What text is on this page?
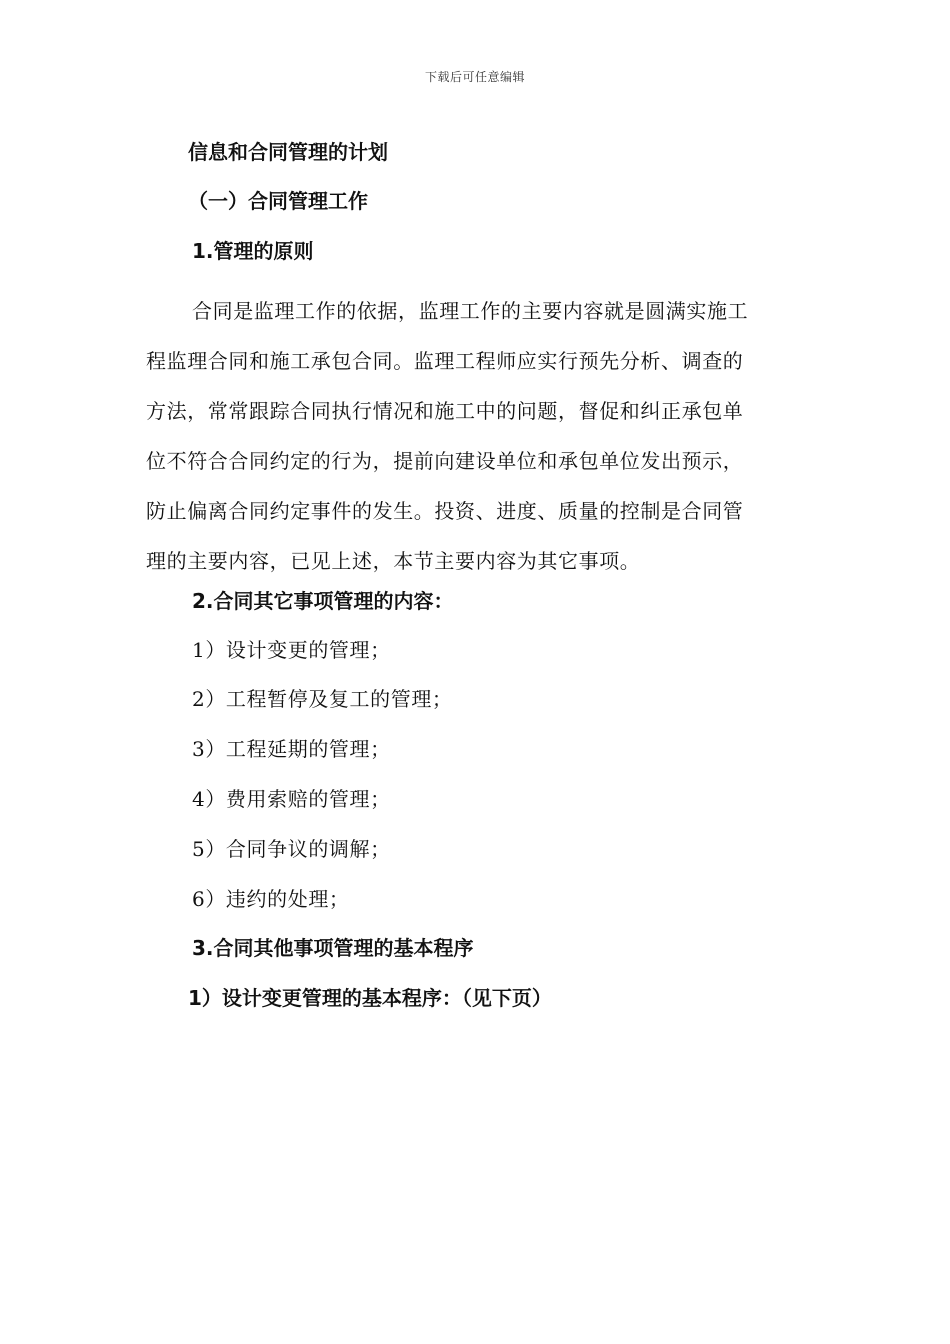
下载后可任意编辑
信息和合同管理的计划
（一）合同管理工作
1.管理的原则
合同是监理工作的依据，监理工作的主要内容就是圆满实施工
程监理合同和施工承包合同。监理工程师应实行预先分析、调查的
方法，常常跟踪合同执行情况和施工中的问题，督促和纠正承包单
位不符合合同约定的行为，提前向建设单位和承包单位发出预示，
防止偏离合同约定事件的发生。投资、进度、质量的控制是合同管
理的主要内容，已见上述，本节主要内容为其它事项。
2.合同其它事项管理的内容：
1）设计变更的管理；
2）工程暂停及复工的管理；
3）工程延期的管理；
4）费用索赔的管理；
5）合同争议的调解；
6）违约的处理；
3.合同其他事项管理的基本程序
1）设计变更管理的基本程序：（见下页）
